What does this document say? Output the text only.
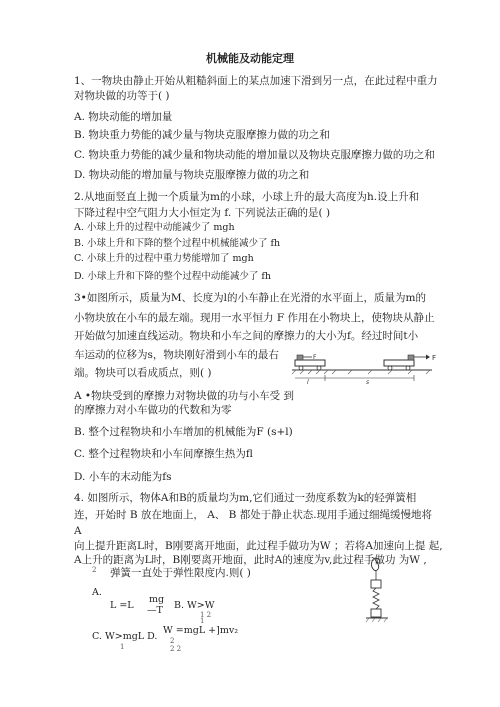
机械能及动能定理
1、一物块由静止开始从粗糙斜面上的某点加速下滑到另一点，在此过程中重力
对物块做的功等于( )
A. 物块动能的增加量
B. 物块重力势能的减少量与物块克服摩擦力做的功之和
C. 物块重力势能的减少量和物块动能的增加量以及物块克服摩擦力做的功之和
D. 物块动能的增加量与物块克服摩擦力做的功之和
2.从地面竖直上抛一个质量为m的小球，小球上升的最大高度为h.设上升和
下降过程中空气阻力大小恒定为 f. 下列说法正确的是( )
A. 小球上升的过程中动能减少了 mgh
B. 小球上升和下降的整个过程中机械能减少了 fh
C. 小球上升的过程中重力势能增加了 mgh
D. 小球上升和下降的整个过程中动能减少了 fh
3•如图所示，质量为M、长度为l的小车静止在光滑的水平面上，质量为m的
小物块放在小车的最左端。现用一水平恒力 F 作用在小物块上，使物块从静止
开始做匀加速直线运动。物块和小车之间的摩擦力的大小为f。经过时间t小
车运动的位移为s，物块刚好滑到小车的最右
端。物块可以看成质点，则( )
F	F
l	s
A •物块受到的摩擦力对物块做的功与小车受 到
的摩擦力对小车做功的代数和为零
B. 整个过程物块和小车增加的机械能为F (s+l)
C. 整个过程物块和小车间摩擦生热为fl
D. 小车的末动能为fs
4. 如图所示，物体A和B的质量均为m,它们通过一劲度系数为k的轻弹簧相
连，开始时 B 放在地面上， A、 B 都处于静止状态.现用手通过细绳缓慢地将
A
向上提升距离L时，B刚要离开地面，此过程手做功为W ；若将A加速向上提 起,
A上升的距离为L时，B刚要离开地面，此时A的速度为v,此过程手做功 为W ,
2 弹簧一直处于弹性限度内.则( )
A.
L =L
mg
—T B. W>W
1 2
C. W>mgL D.
1
W =mgL +]mv₂
2
1
2 2
